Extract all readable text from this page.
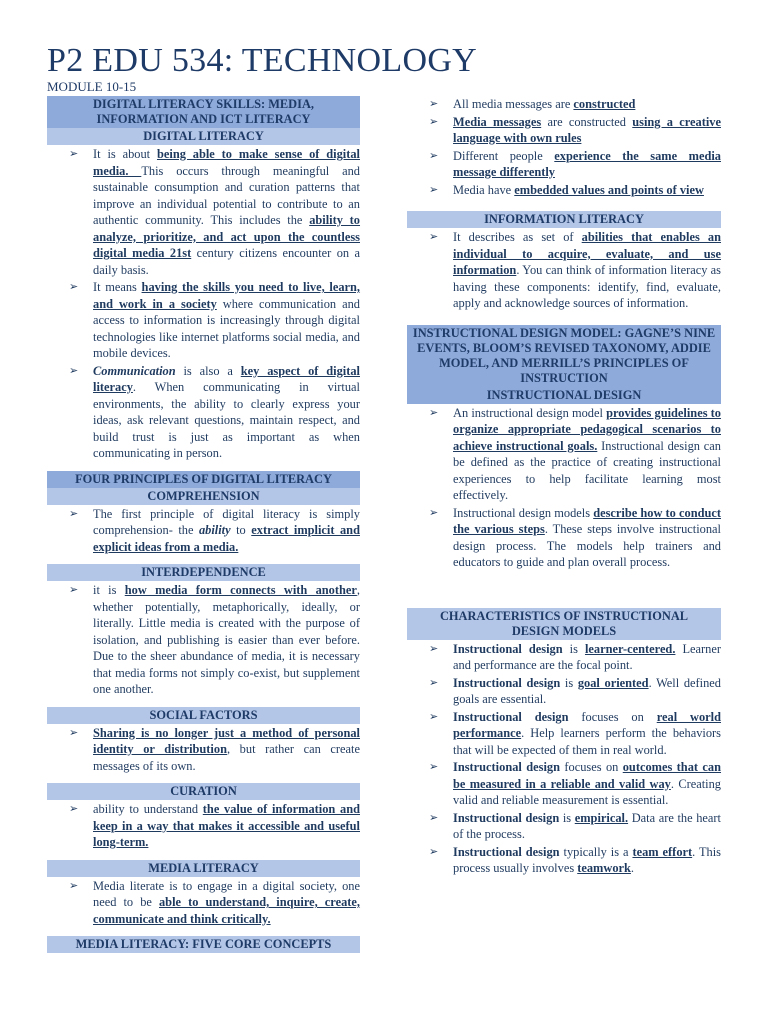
P2 EDU 534: TECHNOLOGY
MODULE 10-15
DIGITAL LITERACY SKILLS: MEDIA, INFORMATION AND ICT LITERACY
DIGITAL LITERACY
➢ It is about being able to make sense of digital media. This occurs through meaningful and sustainable consumption and curation patterns that improve an individual potential to contribute to an authentic community. This includes the ability to analyze, prioritize, and act upon the countless digital media 21st century citizens encounter on a daily basis.
➢ It means having the skills you need to live, learn, and work in a society where communication and access to information is increasingly through digital technologies like internet platforms social media, and mobile devices.
➢ Communication is also a key aspect of digital literacy. When communicating in virtual environments, the ability to clearly express your ideas, ask relevant questions, maintain respect, and build trust is just as important as when communicating in person.
FOUR PRINCIPLES OF DIGITAL LITERACY
COMPREHENSION
➢ The first principle of digital literacy is simply comprehension- the ability to extract implicit and explicit ideas from a media.
INTERDEPENDENCE
➢ it is how media form connects with another, whether potentially, metaphorically, ideally, or literally. Little media is created with the purpose of isolation, and publishing is easier than ever before. Due to the sheer abundance of media, it is necessary that media forms not simply co-exist, but supplement one another.
SOCIAL FACTORS
➢ Sharing is no longer just a method of personal identity or distribution, but rather can create messages of its own.
CURATION
➢ ability to understand the value of information and keep in a way that makes it accessible and useful long-term.
MEDIA LITERACY
➢ Media literate is to engage in a digital society, one need to be able to understand, inquire, create, communicate and think critically.
MEDIA LITERACY: FIVE CORE CONCEPTS
➢ All media messages are constructed
➢ Media messages are constructed using a creative language with own rules
➢ Different people experience the same media message differently
➢ Media have embedded values and points of view
INFORMATION LITERACY
➢ It describes as set of abilities that enables an individual to acquire, evaluate, and use information. You can think of information literacy as having these components: identify, find, evaluate, apply and acknowledge sources of information.
INSTRUCTIONAL DESIGN MODEL: GAGNE’S NINE EVENTS, BLOOM’S REVISED TAXONOMY, ADDIE MODEL, AND MERRILL’S PRINCIPLES OF INSTRUCTION
INSTRUCTIONAL DESIGN
➢ An instructional design model provides guidelines to organize appropriate pedagogical scenarios to achieve instructional goals. Instructional design can be defined as the practice of creating instructional experiences to help facilitate learning most effectively.
➢ Instructional design models describe how to conduct the various steps. These steps involve instructional design process. The models help trainers and educators to guide and plan overall process.
CHARACTERISTICS OF INSTRUCTIONAL DESIGN MODELS
➢ Instructional design is learner-centered. Learner and performance are the focal point.
➢ Instructional design is goal oriented. Well defined goals are essential.
➢ Instructional design focuses on real world performance. Help learners perform the behaviors that will be expected of them in real world.
➢ Instructional design focuses on outcomes that can be measured in a reliable and valid way. Creating valid and reliable measurement is essential.
➢ Instructional design is empirical. Data are the heart of the process.
➢ Instructional design typically is a team effort. This process usually involves teamwork.
